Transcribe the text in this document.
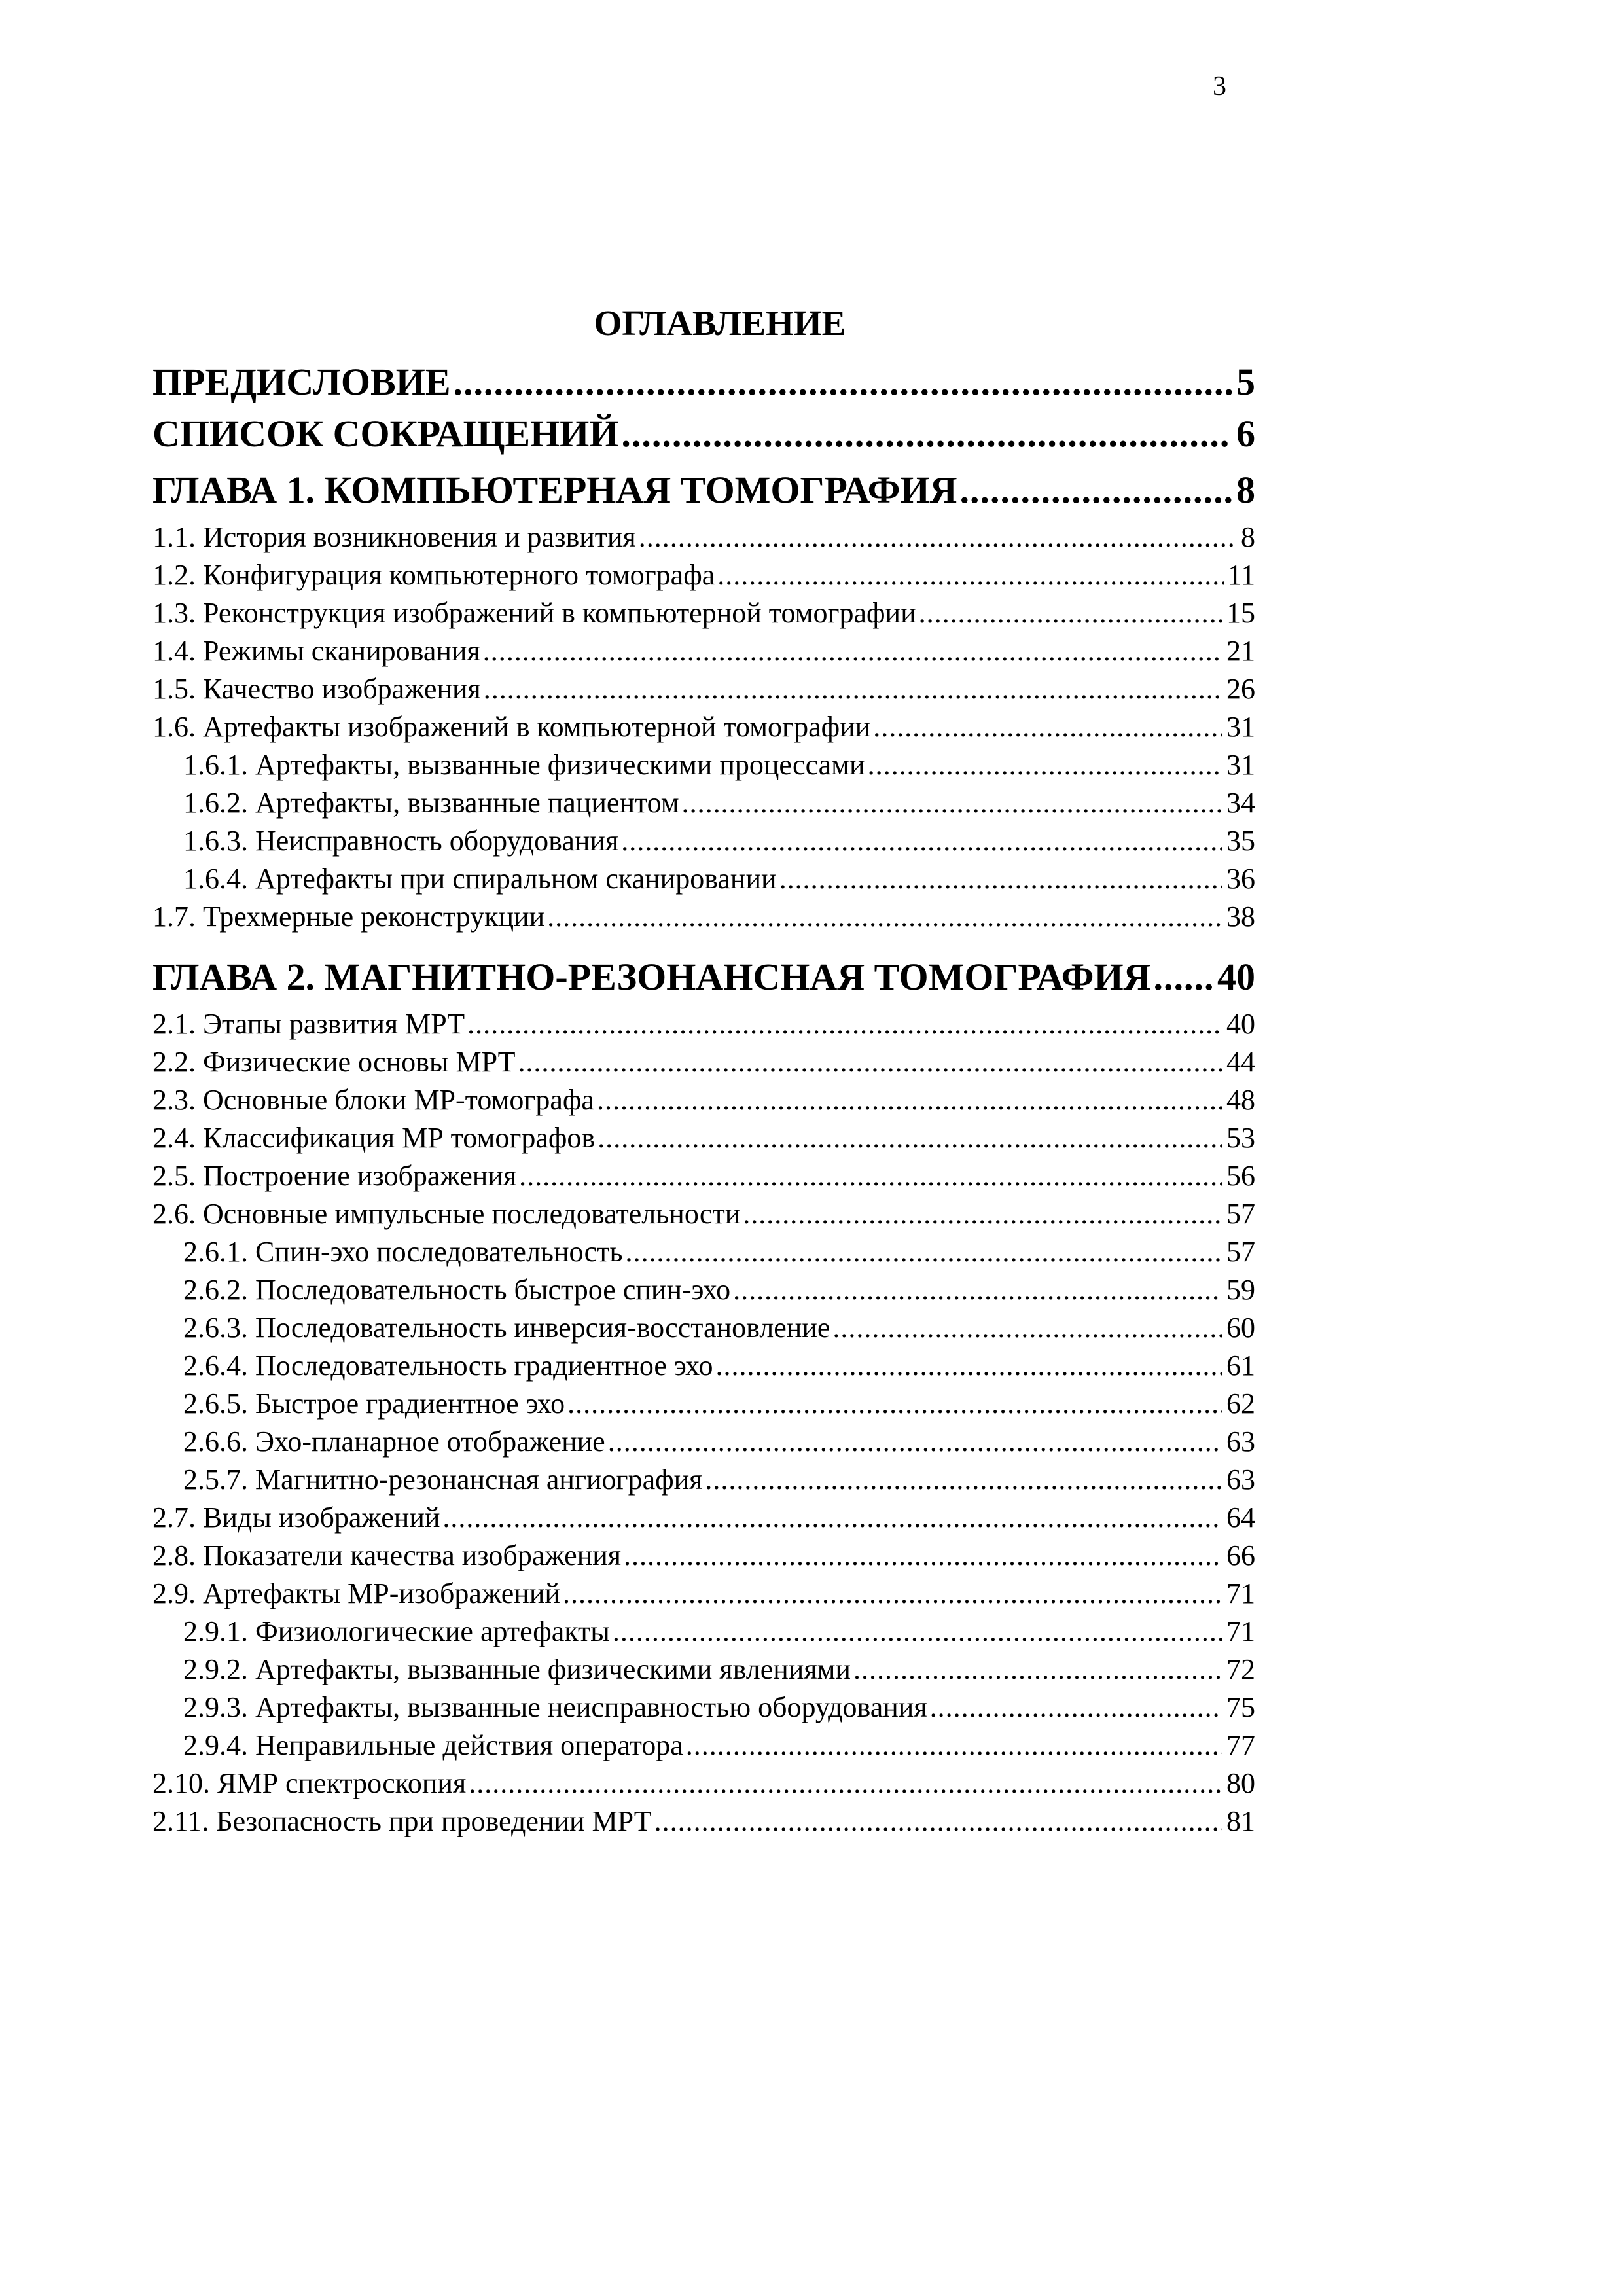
3
ОГЛАВЛЕНИЕ
ПРЕДИСЛОВИЕ .....	5
СПИСОК СОКРАЩЕНИЙ .....	6
ГЛАВА 1. КОМПЬЮТЕРНАЯ ТОМОГРАФИЯ .....	8
1.1. История возникновения и развития .....	8
1.2. Конфигурация компьютерного томографа .....	11
1.3. Реконструкция изображений в компьютерной томографии .....	15
1.4. Режимы сканирования .....	21
1.5. Качество изображения .....	26
1.6. Артефакты изображений в компьютерной томографии .....	31
1.6.1. Артефакты, вызванные физическими процессами .....	31
1.6.2. Артефакты, вызванные пациентом .....	34
1.6.3. Неисправность оборудования .....	35
1.6.4. Артефакты при спиральном сканировании .....	36
1.7. Трехмерные реконструкции .....	38
ГЛАВА 2. МАГНИТНО-РЕЗОНАНСНАЯ ТОМОГРАФИЯ ..... 40
2.1. Этапы развития МРТ .....	40
2.2. Физические основы МРТ .....	44
2.3. Основные блоки МР-томографа .....	48
2.4. Классификация МР томографов .....	53
2.5. Построение изображения .....	56
2.6. Основные импульсные последовательности .....	57
2.6.1. Спин-эхо последовательность .....	57
2.6.2. Последовательность быстрое спин-эхо .....	59
2.6.3. Последовательность инверсия-восстановление .....	60
2.6.4. Последовательность градиентное эхо .....	61
2.6.5. Быстрое градиентное эхо .....	62
2.6.6. Эхо-планарное отображение .....	63
2.5.7. Магнитно-резонансная ангиография .....	63
2.7. Виды изображений .....	64
2.8. Показатели качества изображения .....	66
2.9. Артефакты МР-изображений .....	71
2.9.1. Физиологические артефакты .....	71
2.9.2. Артефакты, вызванные физическими явлениями .....	72
2.9.3. Артефакты, вызванные неисправностью оборудования .....	75
2.9.4. Неправильные действия оператора .....	77
2.10. ЯМР спектроскопия .....	80
2.11. Безопасность при проведении МРТ .....	81
